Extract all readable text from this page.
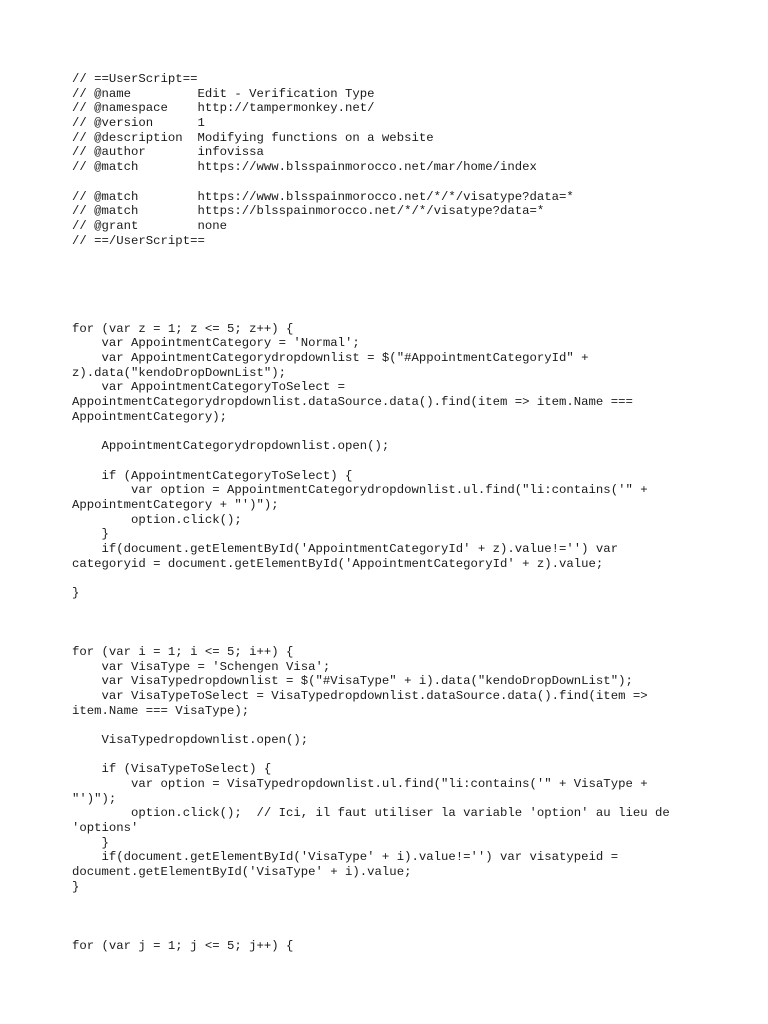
// ==UserScript==
// @name         Edit - Verification Type
// @namespace    http://tampermonkey.net/
// @version      1
// @description  Modifying functions on a website
// @author       infovissa
// @match        https://www.blsspainmorocco.net/mar/home/index
// @match        https://www.blsspainmorocco.net/*/*/visatype?data=*
// @match        https://blsspainmorocco.net/*/*/visatype?data=*
// @grant        none
// ==/UserScript==
for (var z = 1; z <= 5; z++) {
var AppointmentCategory = 'Normal';
var AppointmentCategorydropdownlist = $("#AppointmentCategoryId" +
z).data("kendoDropDownList");
var AppointmentCategoryToSelect =
AppointmentCategorydropdownlist.dataSource.data().find(item => item.Name ===
AppointmentCategory);
AppointmentCategorydropdownlist.open();
if (AppointmentCategoryToSelect) {
var option = AppointmentCategorydropdownlist.ul.find("li:contains('" +
AppointmentCategory + "')");
option.click();
}
if(document.getElementById('AppointmentCategoryId' + z).value!='') var
categoryid = document.getElementById('AppointmentCategoryId' + z).value;
}
for (var i = 1; i <= 5; i++) {
var VisaType = 'Schengen Visa';
var VisaTypedropdownlist = $("#VisaType" + i).data("kendoDropDownList");
var VisaTypeToSelect = VisaTypedropdownlist.dataSource.data().find(item =>
item.Name === VisaType);
VisaTypedropdownlist.open();
if (VisaTypeToSelect) {
var option = VisaTypedropdownlist.ul.find("li:contains('" + VisaType +
"')");
option.click();  // Ici, il faut utiliser la variable 'option' au lieu de
'options'
}
if(document.getElementById('VisaType' + i).value!='') var visatypeid =
document.getElementById('VisaType' + i).value;
}
for (var j = 1; j <= 5; j++) {
